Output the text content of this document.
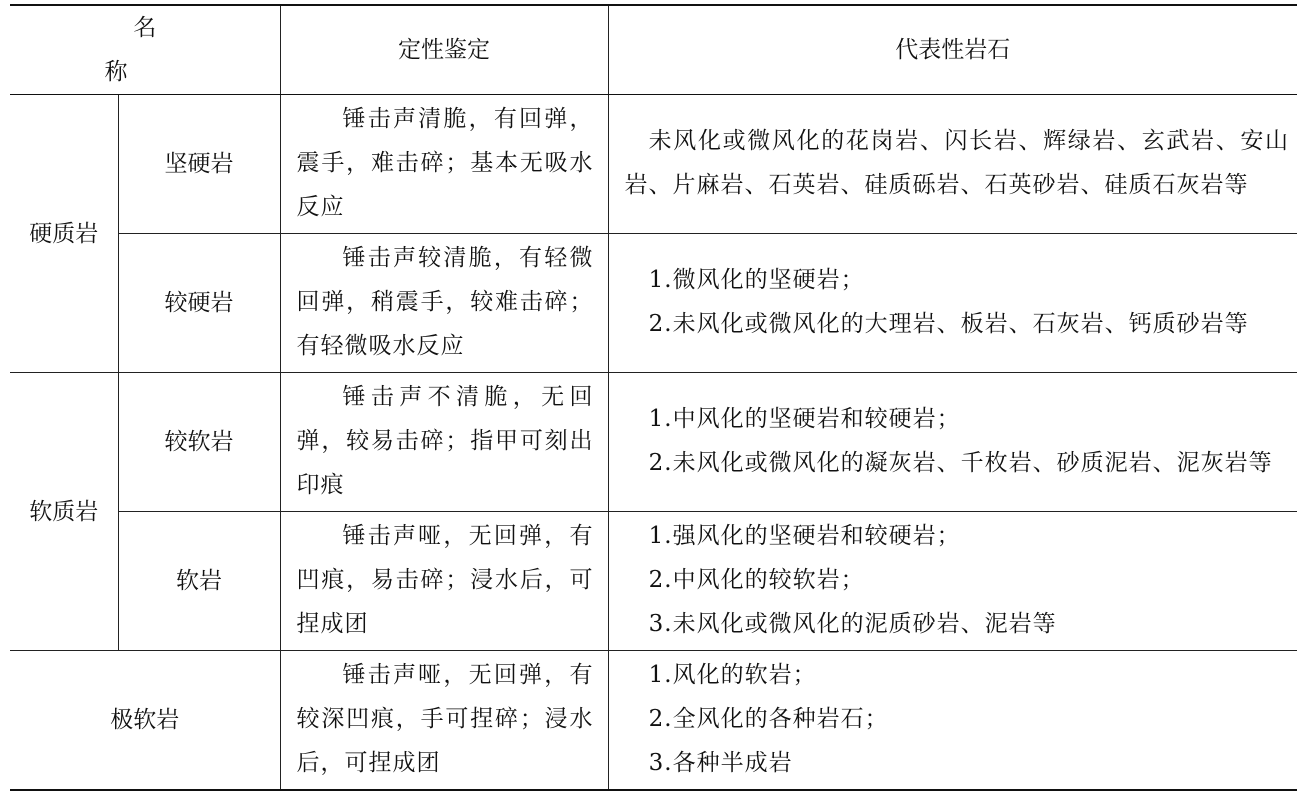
名　称		定性鉴定	代表性岩石
硬质岩	坚硬岩	锤击声清脆，有回弹，震手，难击碎；基本无吸水反应	未风化或微风化的花岗岩、闪长岩、辉绿岩、玄武岩、安山岩、片麻岩、石英岩、硅质砾岩、石英砂岩、硅质石灰岩等

	较硬岩	锤击声较清脆，有轻微回弹，稍震手，较难击碎；有轻微吸水反应	1.微风化的坚硬岩；
2.未风化或微风化的大理岩、板岩、石灰岩、钙质砂岩等

软质岩	较软岩	锤击声不清脆，无回弹，较易击碎；指甲可刻出印痕	1.中风化的坚硬岩和较硬岩；
2.未风化或微风化的凝灰岩、千枚岩、砂质泥岩、泥灰岩等

	软岩	锤击声哑，无回弹，有凹痕，易击碎；浸水后，可捏成团	1.强风化的坚硬岩和较硬岩；
2.中风化的较软岩；
3.未风化或微风化的泥质砂岩、泥岩等

极软岩		锤击声哑，无回弹，有较深凹痕，手可捏碎；浸水后，可捏成团	1.风化的软岩；
2.全风化的各种岩石；
3.各种半成岩
